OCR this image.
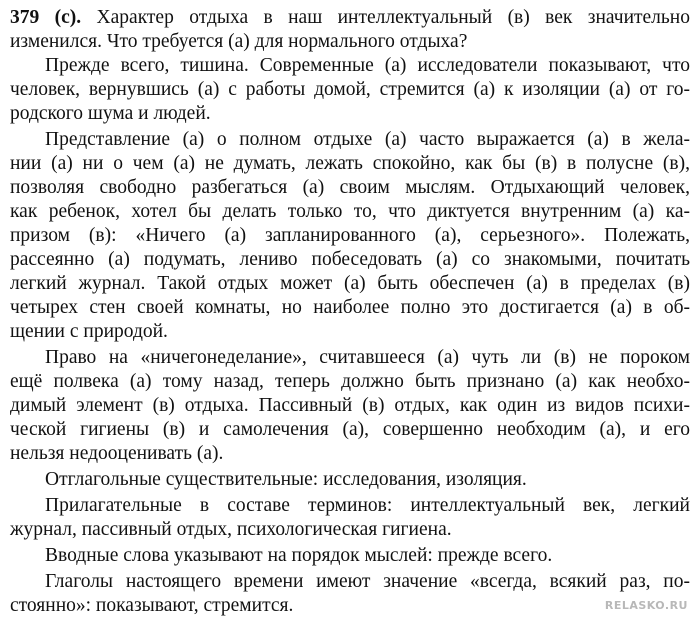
379 (с). Характер отдыха в наш интеллектуальный (в) век значительно
изменился. Что требуется (а) для нормального отдыха?
Прежде всего, тишина. Современные (а) исследователи показывают, что
человек, вернувшись (а) с работы домой, стремится (а) к изоляции (а) от го-
родского шума и людей.
Представление (а) о полном отдыхе (а) часто выражается (а) в жела-
нии (а) ни о чем (а) не думать, лежать спокойно, как бы (в) в полусне (в),
позволяя свободно разбегаться (а) своим мыслям. Отдыхающий человек,
как ребенок, хотел бы делать только то, что диктуется внутренним (а) ка-
призом (в): «Ничего (а) запланированного (а), серьезного». Полежать,
рассеянно (а) подумать, лениво побеседовать (а) со знакомыми, почитать
легкий журнал. Такой отдых может (а) быть обеспечен (а) в пределах (в)
четырех стен своей комнаты, но наиболее полно это достигается (а) в об-
щении с природой.
Право на «ничегонеделание», считавшееся (а) чуть ли (в) не пороком
ещё полвека (а) тому назад, теперь должно быть признано (а) как необхо-
димый элемент (в) отдыха. Пассивный (в) отдых, как один из видов психи-
ческой гигиены (в) и самолечения (а), совершенно необходим (а), и его
нельзя недооценивать (а).
Отглагольные существительные: исследования, изоляция.
Прилагательные в составе терминов: интеллектуальный век, легкий
журнал, пассивный отдых, психологическая гигиена.
Вводные слова указывают на порядок мыслей: прежде всего.
Глаголы настоящего времени имеют значение «всегда, всякий раз, по-
стоянно»: показывают, стремится.	RELASKO.RU
